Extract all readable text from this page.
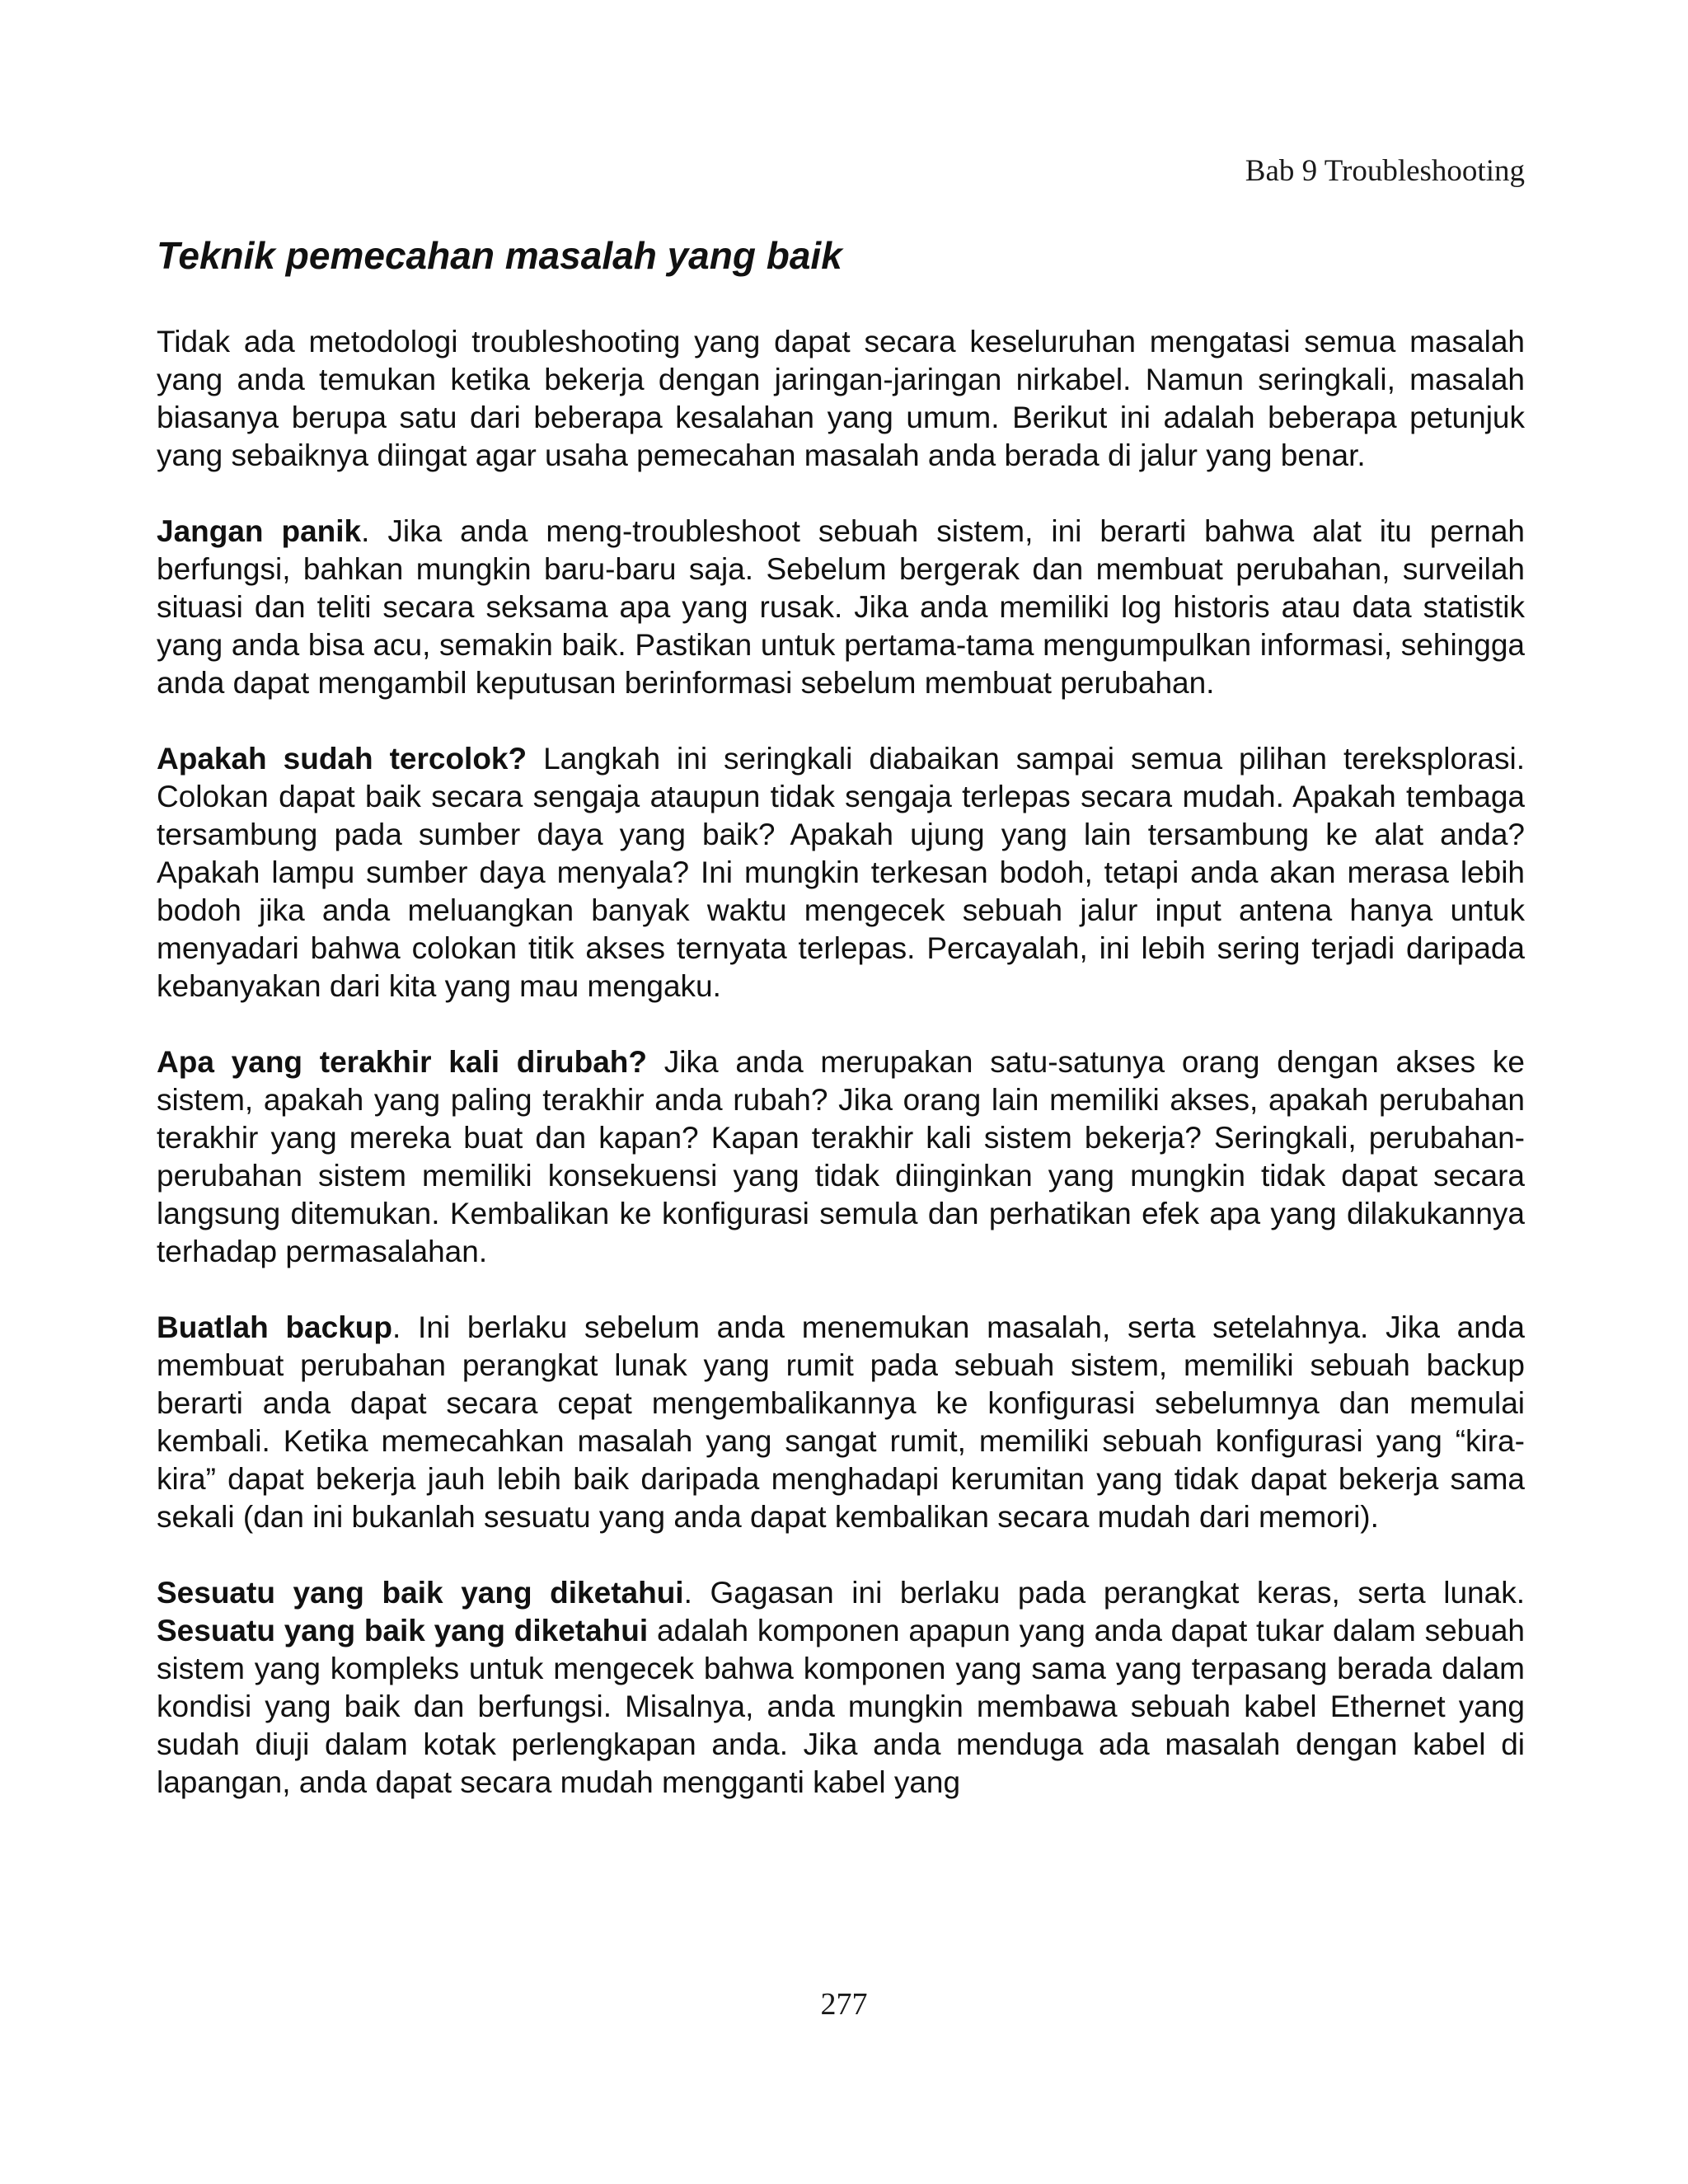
Bab 9 Troubleshooting
Teknik pemecahan masalah yang baik

Tidak ada metodologi troubleshooting yang dapat secara keseluruhan mengatasi semua masalah yang anda temukan ketika bekerja dengan jaringan-jaringan nirkabel. Namun seringkali, masalah biasanya berupa satu dari beberapa kesalahan yang umum. Berikut ini adalah beberapa petunjuk yang sebaiknya diingat agar usaha pemecahan masalah anda berada di jalur yang benar.

Jangan panik. Jika anda meng-troubleshoot sebuah sistem, ini berarti bahwa alat itu pernah berfungsi, bahkan mungkin baru-baru saja. Sebelum bergerak dan membuat perubahan, surveilah situasi dan teliti secara seksama apa yang rusak. Jika anda memiliki log historis atau data statistik yang anda bisa acu, semakin baik. Pastikan untuk pertama-tama mengumpulkan informasi, sehingga anda dapat mengambil keputusan berinformasi sebelum membuat perubahan.

Apakah sudah tercolok? Langkah ini seringkali diabaikan sampai semua pilihan tereksplorasi. Colokan dapat baik secara sengaja ataupun tidak sengaja terlepas secara mudah. Apakah tembaga tersambung pada sumber daya yang baik? Apakah ujung yang lain tersambung ke alat anda? Apakah lampu sumber daya menyala? Ini mungkin terkesan bodoh, tetapi anda akan merasa lebih bodoh jika anda meluangkan banyak waktu mengecek sebuah jalur input antena hanya untuk menyadari bahwa colokan titik akses ternyata terlepas. Percayalah, ini lebih sering terjadi daripada kebanyakan dari kita yang mau mengaku.

Apa yang terakhir kali dirubah? Jika anda merupakan satu-satunya orang dengan akses ke sistem, apakah yang paling terakhir anda rubah? Jika orang lain memiliki akses, apakah perubahan terakhir yang mereka buat dan kapan? Kapan terakhir kali sistem bekerja? Seringkali, perubahan-perubahan sistem memiliki konsekuensi yang tidak diinginkan yang mungkin tidak dapat secara langsung ditemukan. Kembalikan ke konfigurasi semula dan perhatikan efek apa yang dilakukannya terhadap permasalahan.

Buatlah backup. Ini berlaku sebelum anda menemukan masalah, serta setelahnya. Jika anda membuat perubahan perangkat lunak yang rumit pada sebuah sistem, memiliki sebuah backup berarti anda dapat secara cepat mengembalikannya ke konfigurasi sebelumnya dan memulai kembali. Ketika memecahkan masalah yang sangat rumit, memiliki sebuah konfigurasi yang “kira-kira” dapat bekerja jauh lebih baik daripada menghadapi kerumitan yang tidak dapat bekerja sama sekali (dan ini bukanlah sesuatu yang anda dapat kembalikan secara mudah dari memori).

Sesuatu yang baik yang diketahui. Gagasan ini berlaku pada perangkat keras, serta lunak. Sesuatu yang baik yang diketahui adalah komponen apapun yang anda dapat tukar dalam sebuah sistem yang kompleks untuk mengecek bahwa komponen yang sama yang terpasang berada dalam kondisi yang baik dan berfungsi. Misalnya, anda mungkin membawa sebuah kabel Ethernet yang sudah diuji dalam kotak perlengkapan anda. Jika anda menduga ada masalah dengan kabel di lapangan, anda dapat secara mudah mengganti kabel yang

277
